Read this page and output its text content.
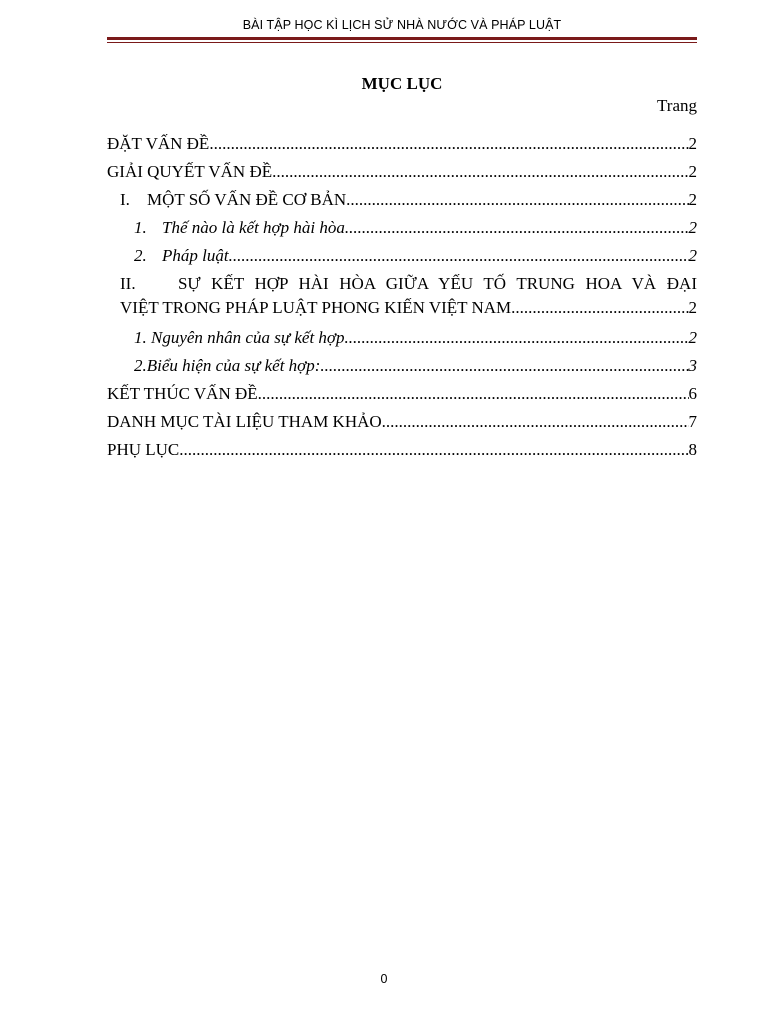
BÀI TẬP HỌC KÌ LỊCH SỬ NHÀ NƯỚC VÀ PHÁP LUẬT
MỤC LỤC
Trang
ĐẶT VẤN ĐỀ .....	2
GIẢI QUYẾT VẤN ĐỀ .....	2
I. MỘT SỐ VẤN ĐỀ CƠ BẢN .....	2
1. Thế nào là kết hợp hài hòa .....	2
2. Pháp luật .....	2
II. SỰ KẾT HỢP HÀI HÒA GIỮA YẾU TỐ TRUNG HOA VÀ ĐẠI
VIỆT TRONG PHÁP LUẬT PHONG KIẾN VIỆT NAM .....	2
1. Nguyên nhân của sự kết hợp .....	2
2.Biểu hiện của sự kết hợp: .....	3
KẾT THÚC VẤN ĐỀ .....	6
DANH MỤC TÀI LIỆU THAM KHẢO .....	7
PHỤ LỤC .....	8
0
